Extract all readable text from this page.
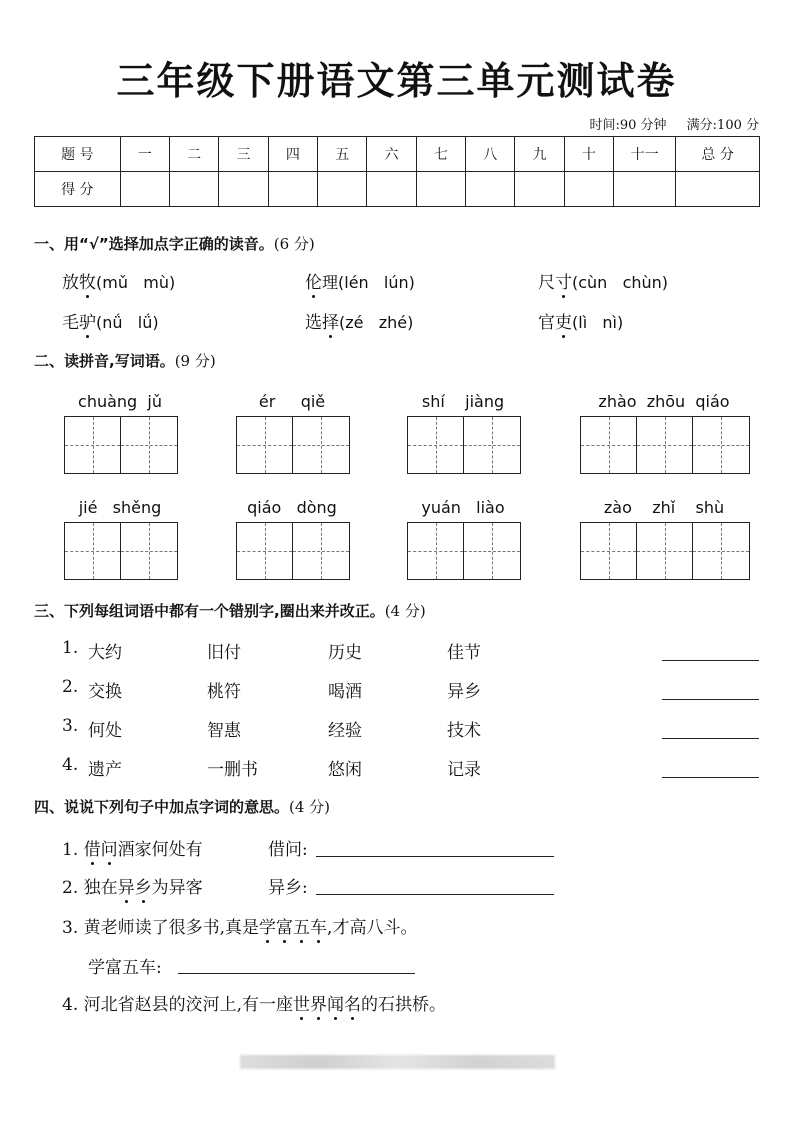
三年级下册语文第三单元测试卷
时间:90 分钟 满分:100 分
题 号	一	二	三	四	五	六	七	八	九	十	十一	总 分
得 分												
一、用“√”选择加点字正确的读音。(6 分)
放牧(mǔ   mù)	伦理(lén   lún)	尺寸(cùn   chùn)
毛驴(nǘ   lǘ)	选择(zé   zhé)	官吏(lì   nì)
二、读拼音,写词语。(9 分)
chuàng  jǔ	ér     qiě	shí    jiàng	zhào  zhōu  qiáo
jié   shěng	qiáo   dòng	yuán   liào	zào    zhǐ    shù
三、下列每组词语中都有一个错别字,圈出来并改正。(4 分)
1. 大约	旧付	历史	佳节
2. 交换	桃符	喝酒	异乡
3. 何处	智惠	经验	技术
4. 遗产	一删书	悠闲	记录
四、说说下列句子中加点字词的意思。(4 分)
1. 借问酒家何处有	借问:
2. 独在异乡为异客	异乡:
3. 黄老师读了很多书,真是学富五车,才高八斗。
学富五车:
4. 河北省赵县的洨河上,有一座世界闻名的石拱桥。
